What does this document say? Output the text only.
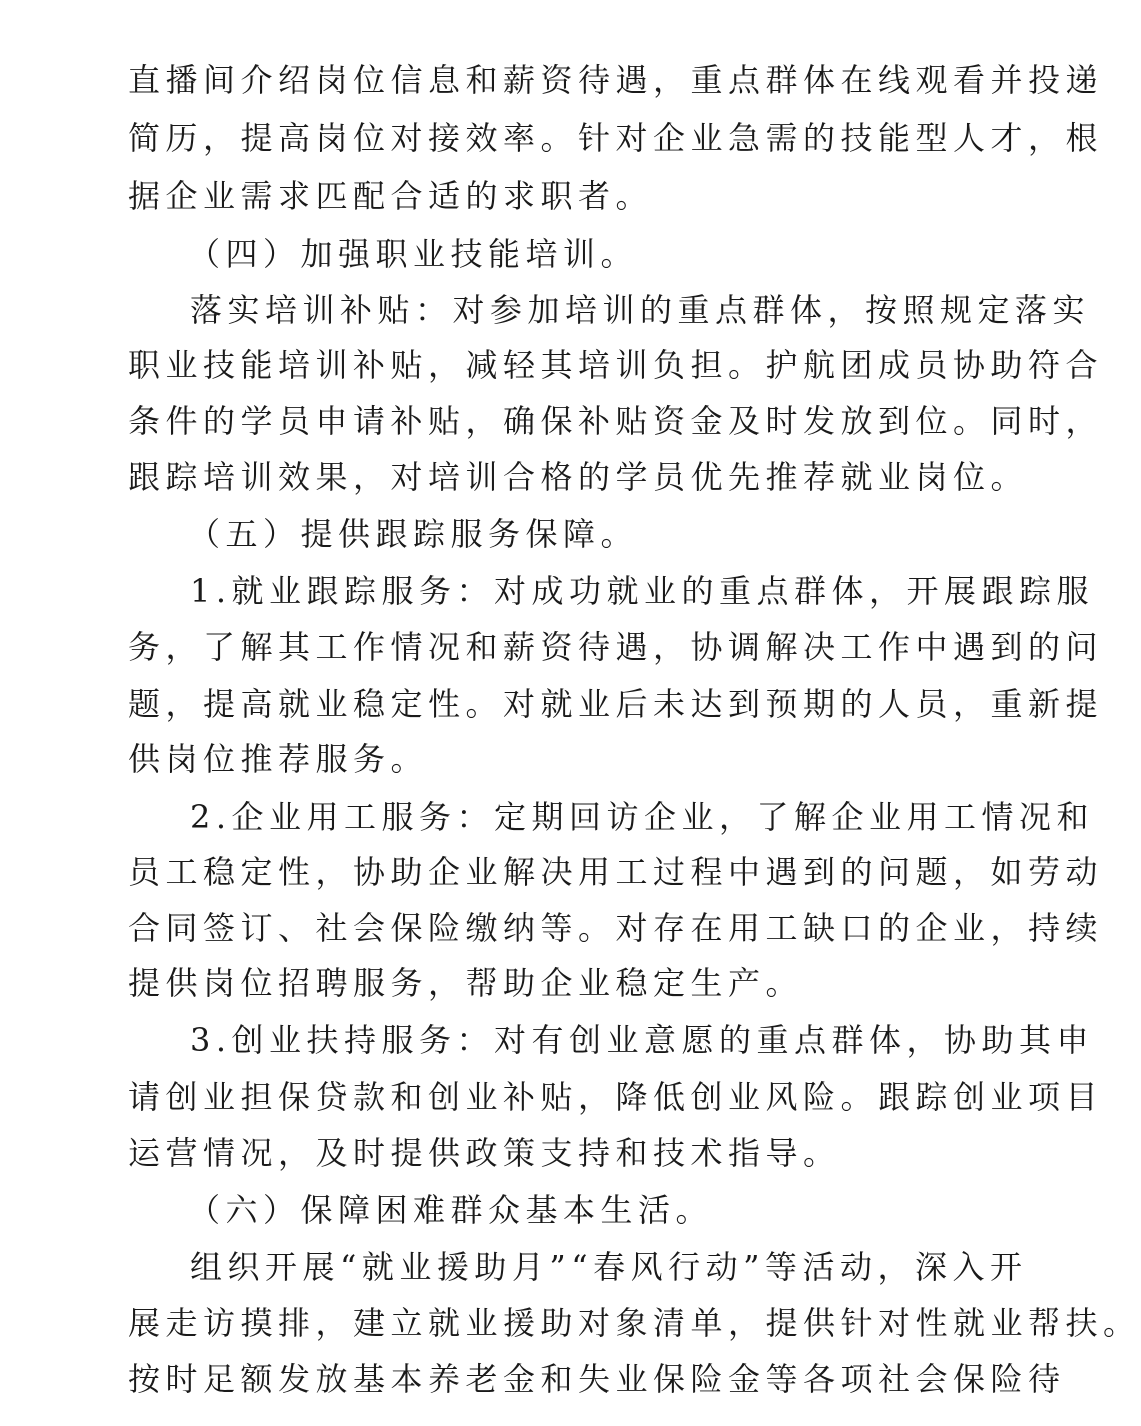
直播间介绍岗位信息和薪资待遇，重点群体在线观看并投递
简历，提高岗位对接效率。针对企业急需的技能型人才，根
据企业需求匹配合适的求职者。
（四）加强职业技能培训。
落实培训补贴：对参加培训的重点群体，按照规定落实
职业技能培训补贴，减轻其培训负担。护航团成员协助符合
条件的学员申请补贴，确保补贴资金及时发放到位。同时，
跟踪培训效果，对培训合格的学员优先推荐就业岗位。
（五）提供跟踪服务保障。
1.就业跟踪服务：对成功就业的重点群体，开展跟踪服
务，了解其工作情况和薪资待遇，协调解决工作中遇到的问
题，提高就业稳定性。对就业后未达到预期的人员，重新提
供岗位推荐服务。
2.企业用工服务：定期回访企业，了解企业用工情况和
员工稳定性，协助企业解决用工过程中遇到的问题，如劳动
合同签订、社会保险缴纳等。对存在用工缺口的企业，持续
提供岗位招聘服务，帮助企业稳定生产。
3.创业扶持服务：对有创业意愿的重点群体，协助其申
请创业担保贷款和创业补贴，降低创业风险。跟踪创业项目
运营情况，及时提供政策支持和技术指导。
（六）保障困难群众基本生活。
组织开展“就业援助月”“春风行动”等活动，深入开
展走访摸排，建立就业援助对象清单，提供针对性就业帮扶。
按时足额发放基本养老金和失业保险金等各项社会保险待
